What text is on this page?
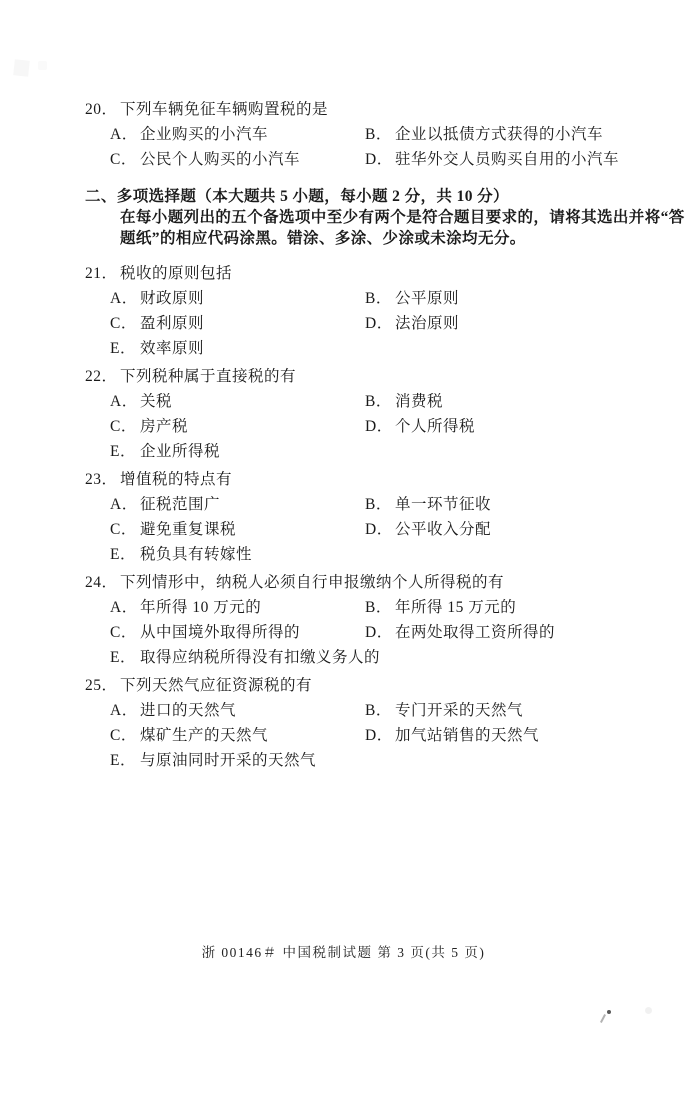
20． 下列车辆免征车辆购置税的是
A． 企业购买的小汽车	B． 企业以抵债方式获得的小汽车
C． 公民个人购买的小汽车	D． 驻华外交人员购买自用的小汽车
二、多项选择题（本大题共 5 小题，每小题 2 分，共 10 分）
在每小题列出的五个备选项中至少有两个是符合题目要求的，请将其选出并将“答
题纸”的相应代码涂黑。错涂、多涂、少涂或未涂均无分。
21． 税收的原则包括
A． 财政原则	B． 公平原则
C． 盈利原则	D． 法治原则
E． 效率原则
22． 下列税种属于直接税的有
A． 关税	B． 消费税
C． 房产税	D． 个人所得税
E． 企业所得税
23． 增值税的特点有
A． 征税范围广	B． 单一环节征收
C． 避免重复课税	D． 公平收入分配
E． 税负具有转嫁性
24． 下列情形中，纳税人必须自行申报缴纳个人所得税的有
A． 年所得 10 万元的	B． 年所得 15 万元的
C． 从中国境外取得所得的	D． 在两处取得工资所得的
E． 取得应纳税所得没有扣缴义务人的
25． 下列天然气应征资源税的有
A． 进口的天然气	B． 专门开采的天然气
C． 煤矿生产的天然气	D． 加气站销售的天然气
E． 与原油同时开采的天然气
浙 00146＃ 中国税制试题 第 3 页(共 5 页)
